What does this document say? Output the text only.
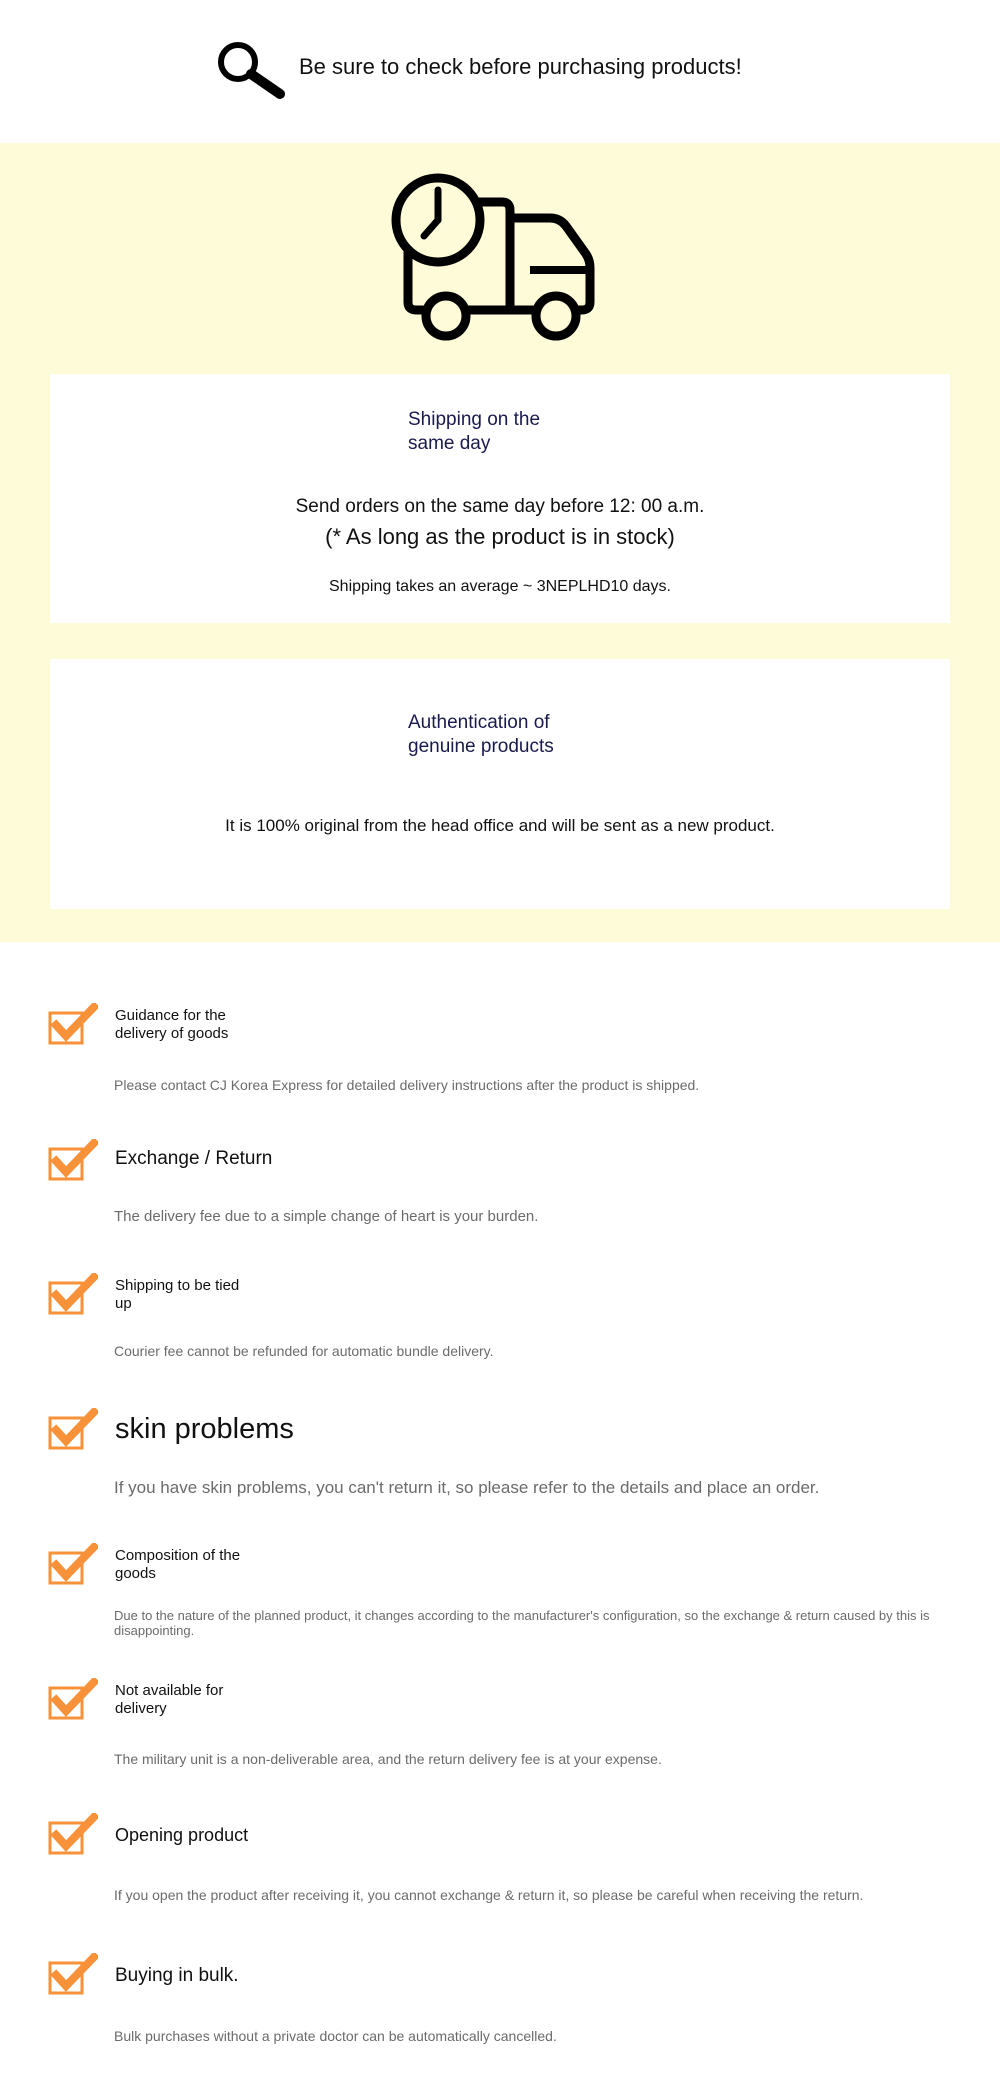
Be sure to check before purchasing products!
Shipping on the same day
Send orders on the same day before 12: 00 a.m.
(* As long as the product is in stock)
Shipping takes an average ~ 3NEPLHD10 days.
Authentication of genuine products
It is 100% original from the head office and will be sent as a new product.
Guidance for the delivery of goods
Please contact CJ Korea Express for detailed delivery instructions after the product is shipped.
Exchange / Return
The delivery fee due to a simple change of heart is your burden.
Shipping to be tied up
Courier fee cannot be refunded for automatic bundle delivery.
skin problems
If you have skin problems, you can't return it, so please refer to the details and place an order.
Composition of the goods
Due to the nature of the planned product, it changes according to the manufacturer's configuration, so the exchange & return caused by this is disappointing.
Not available for delivery
The military unit is a non-deliverable area, and the return delivery fee is at your expense.
Opening product
If you open the product after receiving it, you cannot exchange & return it, so please be careful when receiving the return.
Buying in bulk.
Bulk purchases without a private doctor can be automatically cancelled.
